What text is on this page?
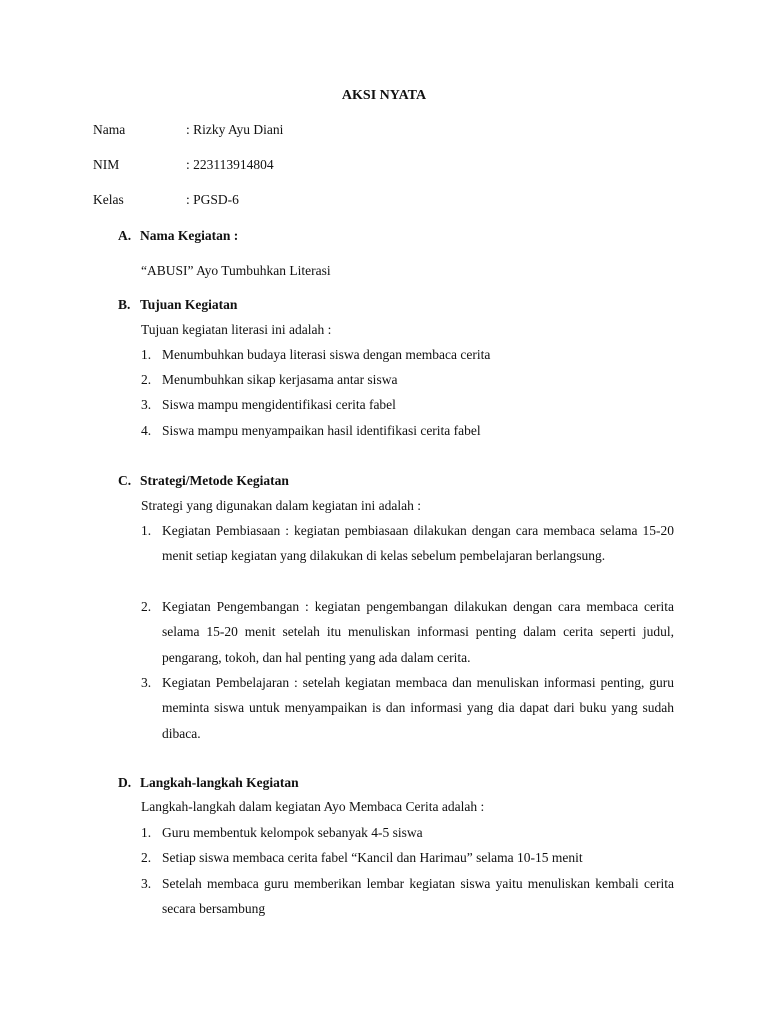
AKSI NYATA
Nama	: Rizky Ayu Diani
NIM	: 223113914804
Kelas	: PGSD-6
A. Nama Kegiatan :
“ABUSI” Ayo Tumbuhkan Literasi
B. Tujuan Kegiatan
Tujuan kegiatan literasi ini adalah :
1. Menumbuhkan budaya literasi siswa dengan membaca cerita
2. Menumbuhkan sikap kerjasama antar siswa
3. Siswa mampu mengidentifikasi cerita fabel
4. Siswa mampu menyampaikan hasil identifikasi cerita fabel
C. Strategi/Metode Kegiatan
Strategi yang digunakan dalam kegiatan ini adalah :
1. Kegiatan Pembiasaan : kegiatan pembiasaan dilakukan dengan cara membaca selama 15-20 menit setiap kegiatan yang dilakukan di kelas sebelum pembelajaran berlangsung.
2. Kegiatan Pengembangan : kegiatan pengembangan dilakukan dengan cara membaca cerita selama 15-20 menit setelah itu menuliskan informasi penting dalam cerita seperti judul, pengarang, tokoh, dan hal penting yang ada dalam cerita.
3. Kegiatan Pembelajaran : setelah kegiatan membaca dan menuliskan informasi penting, guru meminta siswa untuk menyampaikan is dan informasi yang dia dapat dari buku yang sudah dibaca.
D. Langkah-langkah Kegiatan
Langkah-langkah dalam kegiatan Ayo Membaca Cerita adalah :
1. Guru membentuk kelompok sebanyak 4-5 siswa
2. Setiap siswa membaca cerita fabel “Kancil dan Harimau” selama 10-15 menit
3. Setelah membaca guru memberikan lembar kegiatan siswa yaitu menuliskan kembali cerita secara bersambung
